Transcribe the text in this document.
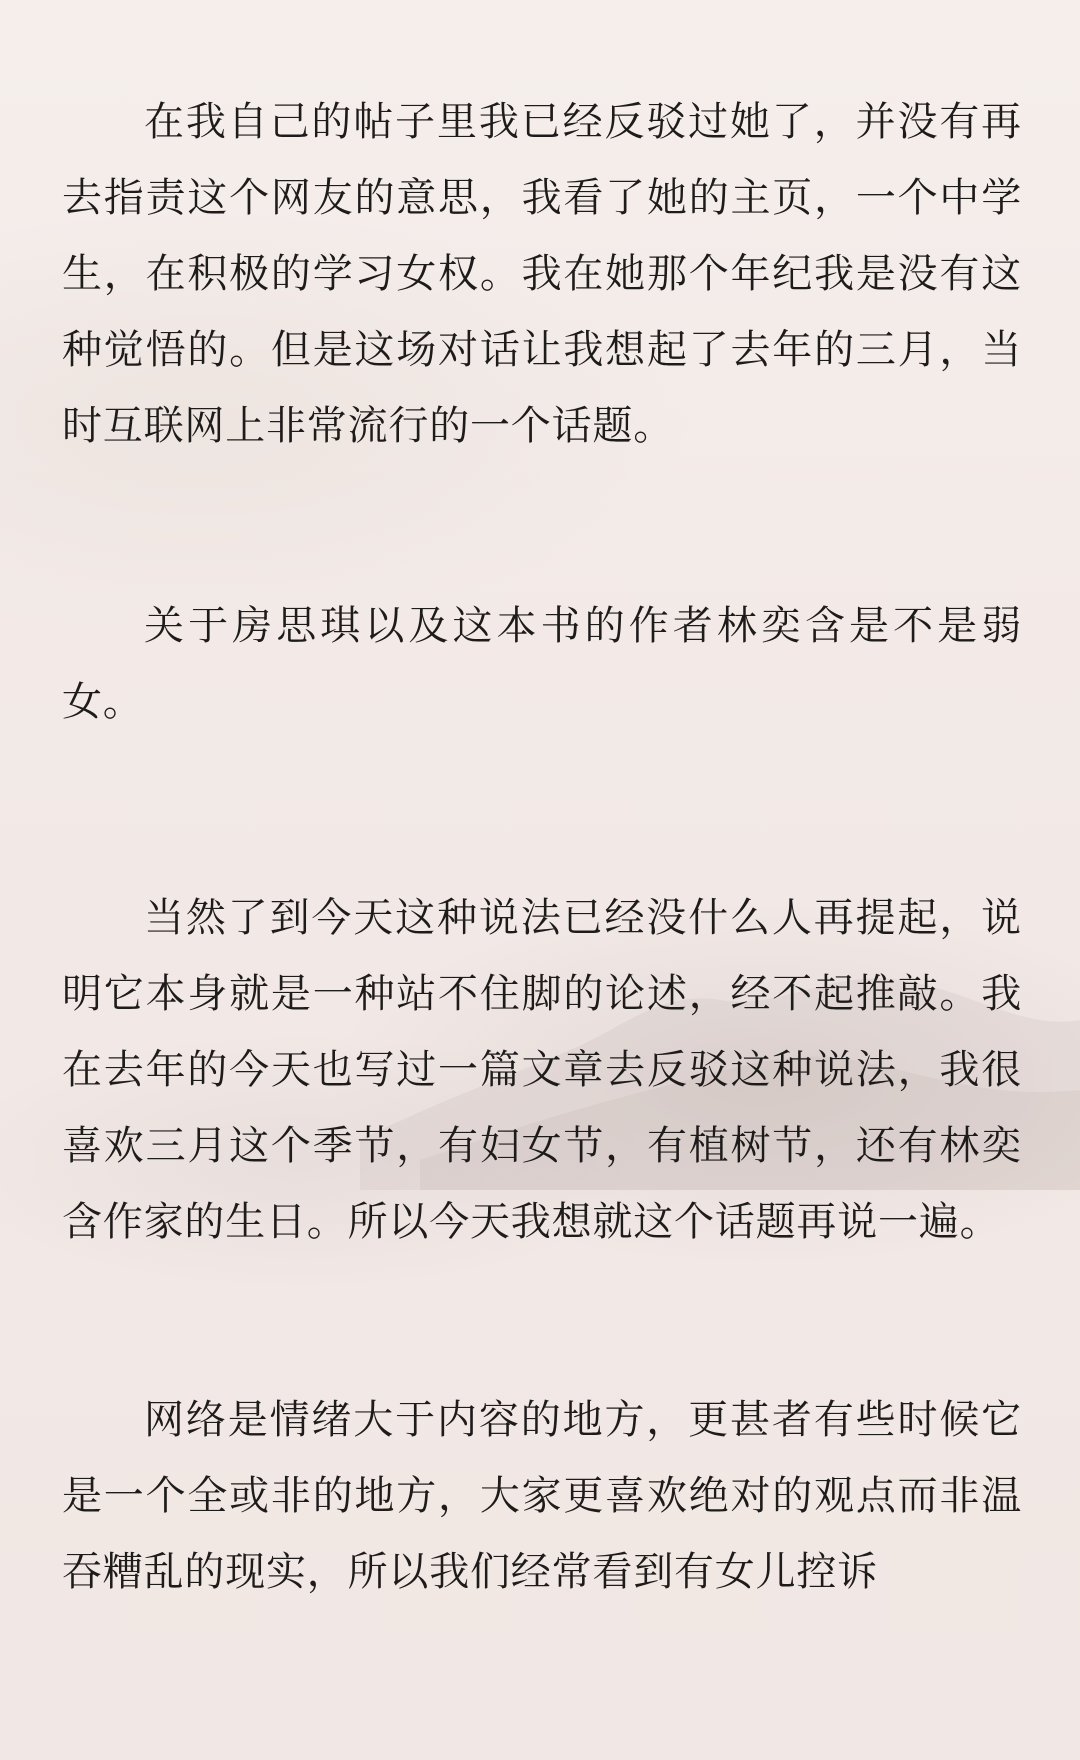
在我自己的帖子里我已经反驳过她了，并没有再去指责这个网友的意思，我看了她的主页，一个中学生，在积极的学习女权。我在她那个年纪我是没有这种觉悟的。但是这场对话让我想起了去年的三月，当时互联网上非常流行的一个话题。

关于房思琪以及这本书的作者林奕含是不是弱女。

当然了到今天这种说法已经没什么人再提起，说明它本身就是一种站不住脚的论述，经不起推敲。我在去年的今天也写过一篇文章去反驳这种说法，我很喜欢三月这个季节，有妇女节，有植树节，还有林奕含作家的生日。所以今天我想就这个话题再说一遍。

网络是情绪大于内容的地方，更甚者有些时候它是一个全或非的地方，大家更喜欢绝对的观点而非温吞糟乱的现实，所以我们经常看到有女儿控诉
